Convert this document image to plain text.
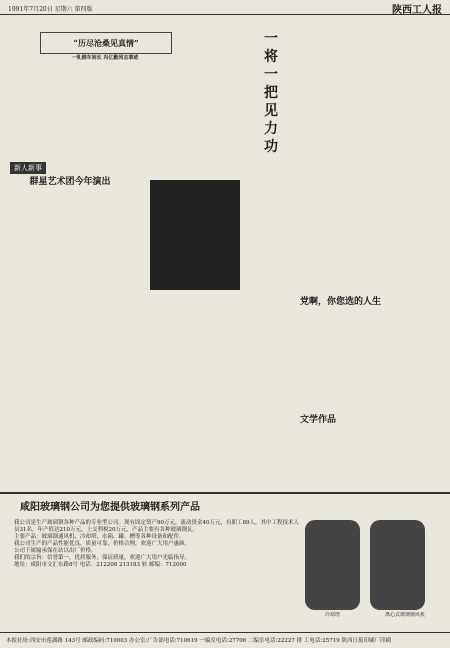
1991年7月20日 星期六 第四版	陕西工人报
“历尽沧桑见真情”
一轧钢车间长 冯亿勤同志事迹

新人新事
群星艺术团今年演出

一将一把见力功

党啊，你您选的人生

文学作品

咸阳玻璃钢公司为您提供玻璃钢系列产品
我公司是生产玻璃钢各种产品的专业型公司。现有固定资产90万元，流动资金40万元，有职工89人，其中工程技术人员31名，年产值达210万元，上交利税20万元，产品主要有各种玻璃钢瓦。
主要产品：玻璃钢通风机、冷却塔、水箱、罐、槽等各种设备和配件。
我公司生产的产品性能优良，质量可靠，价格合理，欢迎广大用户惠顾。
公司下属输承保在站以出厂价格。
我们的宗旨：信誉第一，优质服务，保证质量，欢迎广大用户光临指导。
地址：咸阳市文汇东路8号 电话：212208 213183 转 邮编：712000
冷却塔	离心式玻璃钢风机
本报社址:西安市莲湖路 143号 邮政编码:710003 办公室:广告部电话:710619 一编室电话:27706 二编室电话:22227 排 工电话:25719 陕西日报印刷厂印刷
